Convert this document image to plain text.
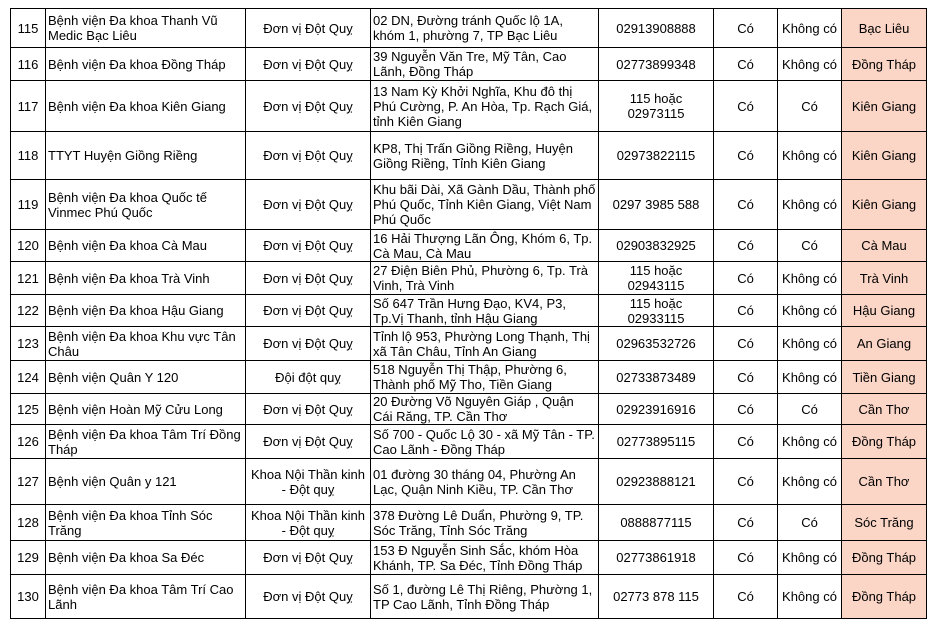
115	Bệnh viện Đa khoa Thanh Vũ Medic Bạc Liêu	Đơn vị Đột Quỵ	02 DN, Đường tránh Quốc lộ 1A, khóm 1, phường 7, TP Bạc Liêu	02913908888	Có	Không có	Bạc Liêu
116	Bệnh viện Đa khoa Đồng Tháp	Đơn vị Đột Quỵ	39 Nguyễn Văn Tre, Mỹ Tân, Cao Lãnh, Đồng Tháp	02773899348	Có	Không có	Đồng Tháp
117	Bệnh viện Đa khoa Kiên Giang	Đơn vị Đột Quỵ	13 Nam Kỳ Khởi Nghĩa, Khu đô thị Phú Cường, P. An Hòa, Tp. Rạch Giá, tỉnh Kiên Giang	115 hoặc 02973115	Có	Có	Kiên Giang
118	TTYT Huyện Giồng Riềng	Đơn vị Đột Quỵ	KP8, Thị Trấn Giồng Riềng, Huyện Giồng Riềng, Tỉnh Kiên Giang	02973822115	Có	Không có	Kiên Giang
119	Bệnh viện Đa khoa Quốc tế Vinmec Phú Quốc	Đơn vị Đột Quỵ	Khu bãi Dài, Xã Gành Dầu, Thành phố Phú Quốc, Tỉnh Kiên Giang, Việt Nam Phú Quốc	0297 3985 588	Có	Không có	Kiên Giang
120	Bệnh viện Đa khoa Cà Mau	Đơn vị Đột Quỵ	16 Hải Thượng Lãn Ông, Khóm 6, Tp. Cà Mau, Cà Mau	02903832925	Có	Có	Cà Mau
121	Bệnh viện Đa khoa Trà Vinh	Đơn vị Đột Quỵ	27 Điện Biên Phủ, Phường 6, Tp. Trà Vinh, Trà Vinh	115 hoặc 02943115	Có	Không có	Trà Vinh
122	Bệnh viện Đa khoa Hậu Giang	Đơn vị Đột Quỵ	Số 647 Trần Hưng Đạo, KV4, P3, Tp.Vị Thanh, tỉnh Hậu Giang	115 hoặc 02933115	Có	Không có	Hậu Giang
123	Bệnh viện Đa khoa Khu vực Tân Châu	Đơn vị Đột Quỵ	Tỉnh lộ 953, Phường Long Thạnh, Thị xã Tân Châu, Tỉnh An Giang	02963532726	Có	Không có	An Giang
124	Bệnh viện Quân Y 120	Đội đột quỵ	518 Nguyễn Thị Thập, Phường 6, Thành phố Mỹ Tho, Tiền Giang	02733873489	Có	Không có	Tiền Giang
125	Bệnh viện Hoàn Mỹ Cửu Long	Đơn vị Đột Quỵ	20 Đường Võ Nguyên Giáp , Quận Cái Răng, TP. Cần Thơ	02923916916	Có	Có	Cần Thơ
126	Bệnh viện Đa khoa Tâm Trí Đồng Tháp	Đơn vị Đột Quỵ	Số 700 - Quốc Lộ 30 - xã Mỹ Tân - TP. Cao Lãnh - Đồng Tháp	02773895115	Có	Không có	Đồng Tháp
127	Bệnh viện Quân y 121	Khoa Nội Thần kinh - Đột quỵ	01 đường 30 tháng 04, Phường An Lạc, Quận Ninh Kiều, TP. Cần Thơ	02923888121	Có	Không có	Cần Thơ
128	Bệnh viện Đa khoa Tỉnh Sóc Trăng	Khoa Nội Thần kinh - Đột quỵ	378 Đường Lê Duẩn, Phường 9, TP. Sóc Trăng, Tỉnh Sóc Trăng	0888877115	Có	Có	Sóc Trăng
129	Bệnh viện Đa khoa Sa Đéc	Đơn vị Đột Quỵ	153 Đ Nguyễn Sinh Sắc, khóm Hòa Khánh, TP. Sa Đéc, Tỉnh Đồng Tháp	02773861918	Có	Không có	Đồng Tháp
130	Bệnh viện Đa khoa Tâm Trí Cao Lãnh	Đơn vị Đột Quỵ	Số 1, đường Lê Thị Riêng, Phường 1, TP Cao Lãnh, Tỉnh Đồng Tháp	02773 878 115	Có	Không có	Đồng Tháp
